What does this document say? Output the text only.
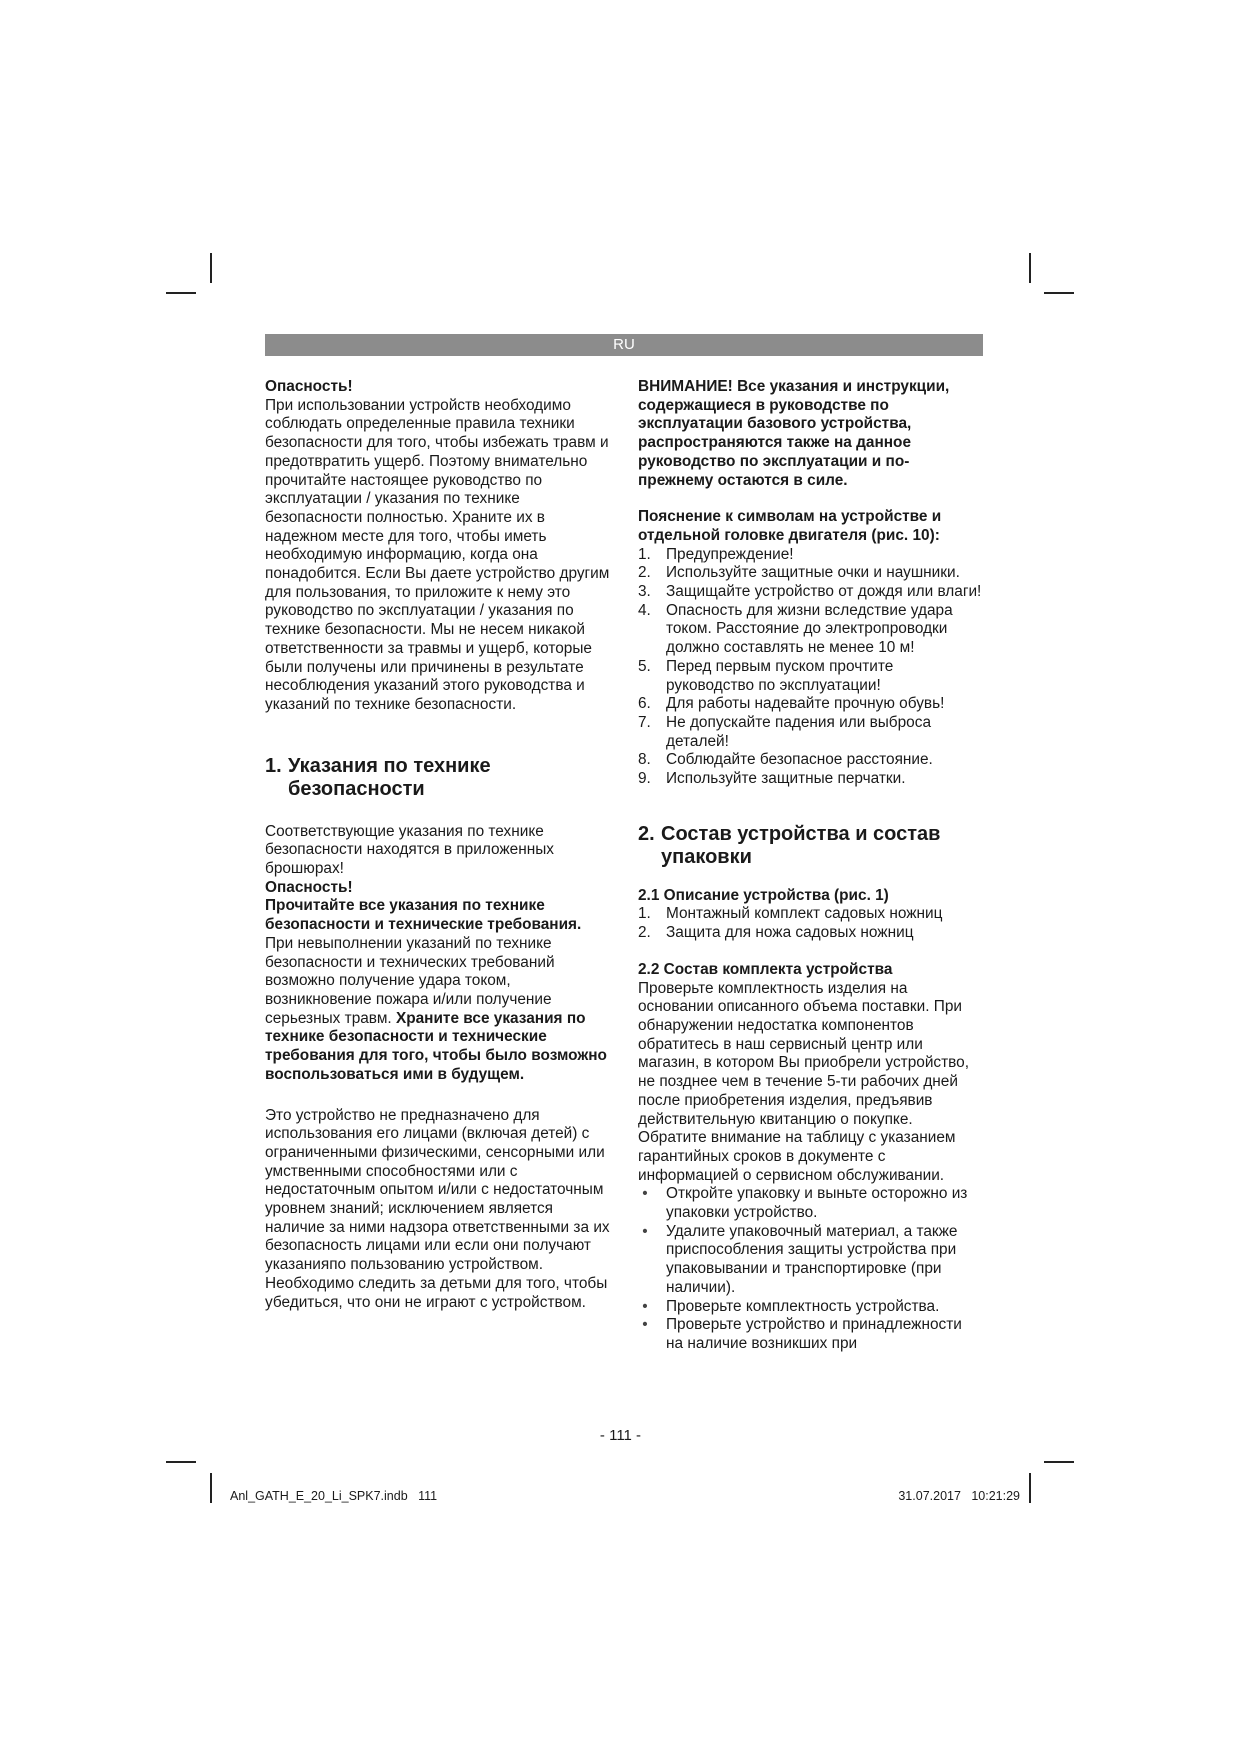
RU

Опасность!

При использовании устройств необходимо соблюдать определенные правила техники безопасности для того, чтобы избежать травм и предотвратить ущерб. Поэтому внимательно прочитайте настоящее руководство по эксплуатации / указания по технике безопасности полностью. Храните их в надежном месте для того, чтобы иметь необходимую информацию, когда она понадобится. Если Вы даете устройство другим для пользования, то приложите к нему это руководство по эксплуатации / указания по технике безопасности. Мы не несем никакой ответственности за травмы и ущерб, которые были получены или причинены в результате несоблюдения указаний этого руководства и указаний по технике безопасности.

1. Указания по технике безопасности

Соответствующие указания по технике безопасности находятся в приложенных брошюрах!

Опасность!

Прочитайте все указания по технике безопасности и технические требования.

При невыполнении указаний по технике безопасности и технических требований возможно получение удара током, возникновение пожара и/или получение серьезных травм. Храните все указания по технике безопасности и технические требования для того, чтобы было возможно воспользоваться ими в будущем.

Это устройство не предназначено для использования его лицами (включая детей) с ограниченными физическими, сенсорными или умственными способностями или с недостаточным опытом и/или с недостаточным уровнем знаний; исключением является наличие за ними надзора ответственными за их безопасность лицами или если они получают указанияпо пользованию устройством. Необходимо следить за детьми для того, чтобы убедиться, что они не играют с устройством.

ВНИМАНИЕ! Все указания и инструкции, содержащиеся в руководстве по эксплуатации базового устройства, распространяются также на данное руководство по эксплуатации и по-прежнему остаются в силе.

Пояснение к символам на устройстве и отдельной головке двигателя (рис. 10):

1. Предупреждение!
2. Используйте защитные очки и наушники.
3. Защищайте устройство от дождя или влаги!
4. Опасность для жизни вследствие удара током. Расстояние до электропроводки должно составлять не менее 10 м!
5. Перед первым пуском прочтите руководство по эксплуатации!
6. Для работы надевайте прочную обувь!
7. Не допускайте падения или выброса деталей!
8. Соблюдайте безопасное расстояние.
9. Используйте защитные перчатки.
2. Состав устройства и состав упаковки

2.1 Описание устройства (рис. 1)

1. Монтажный комплект садовых ножниц
2. Защита для ножа садовых ножниц

2.2 Состав комплекта устройства

Проверьте комплектность изделия на основании описанного объема поставки. При обнаружении недостатка компонентов обратитесь в наш сервисный центр или магазин, в котором Вы приобрели устройство, не позднее чем в течение 5-ти рабочих дней после приобретения изделия, предъявив действительную квитанцию о покупке. Обратите внимание на таблицу с указанием гарантийных сроков в документе с информацией о сервисном обслуживании.

• Откройте упаковку и выньте осторожно из упаковки устройство.
• Удалите упаковочный материал, а также приспособления защиты устройства при упаковывании и транспортировке (при наличии).
• Проверьте комплектность устройства.
• Проверьте устройство и принадлежности на наличие возникших при
- 111 -
Anl_GATH_E_20_Li_SPK7.indb   111	31.07.2017   10:21:29
